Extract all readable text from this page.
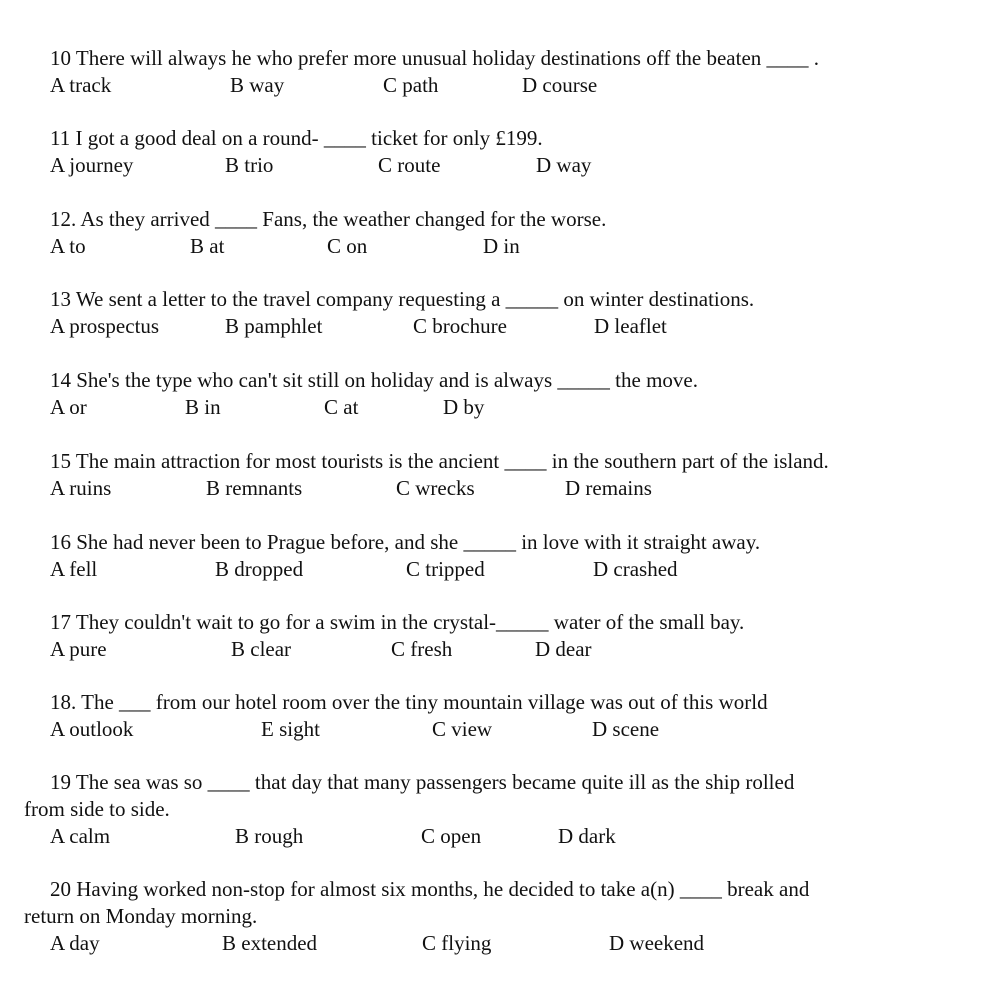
10 There will always he who prefer more unusual holiday destinations off the beaten ____ .
A track	B way	C path	D course
11 I got a good deal on a round- ____ ticket for only £199.
A journey	B trio	C route	D way
12. As they arrived ____ Fans, the weather changed for the worse.
A to	B at	C on	D in
13 We sent a letter to the travel company requesting a _____ on winter destinations.
A prospectus	B pamphlet	C brochure	D leaflet
14 She's the type who can't sit still on holiday and is always _____ the move.
A or	B in	C at	D by
15 The main attraction for most tourists is the ancient ____ in the southern part of the island.
A ruins	B remnants	C wrecks	D remains
16 She had never been to Prague before, and she _____ in love with it straight away.
A fell	B dropped	C tripped	D crashed
17 They couldn't wait to go for a swim in the crystal-_____ water of the small bay.
A pure	B clear	C fresh	D dear
18. The ___ from our hotel room over the tiny mountain village was out of this world
A outlook	E sight	C view	D scene
19 The sea was so ____ that day that many passengers became quite ill as the ship rolled
from side to side.
A calm	B rough	C open	D dark
20 Having worked non-stop for almost six months, he decided to take a(n) ____ break and
return on Monday morning.
A day	B extended	C flying	D weekend
